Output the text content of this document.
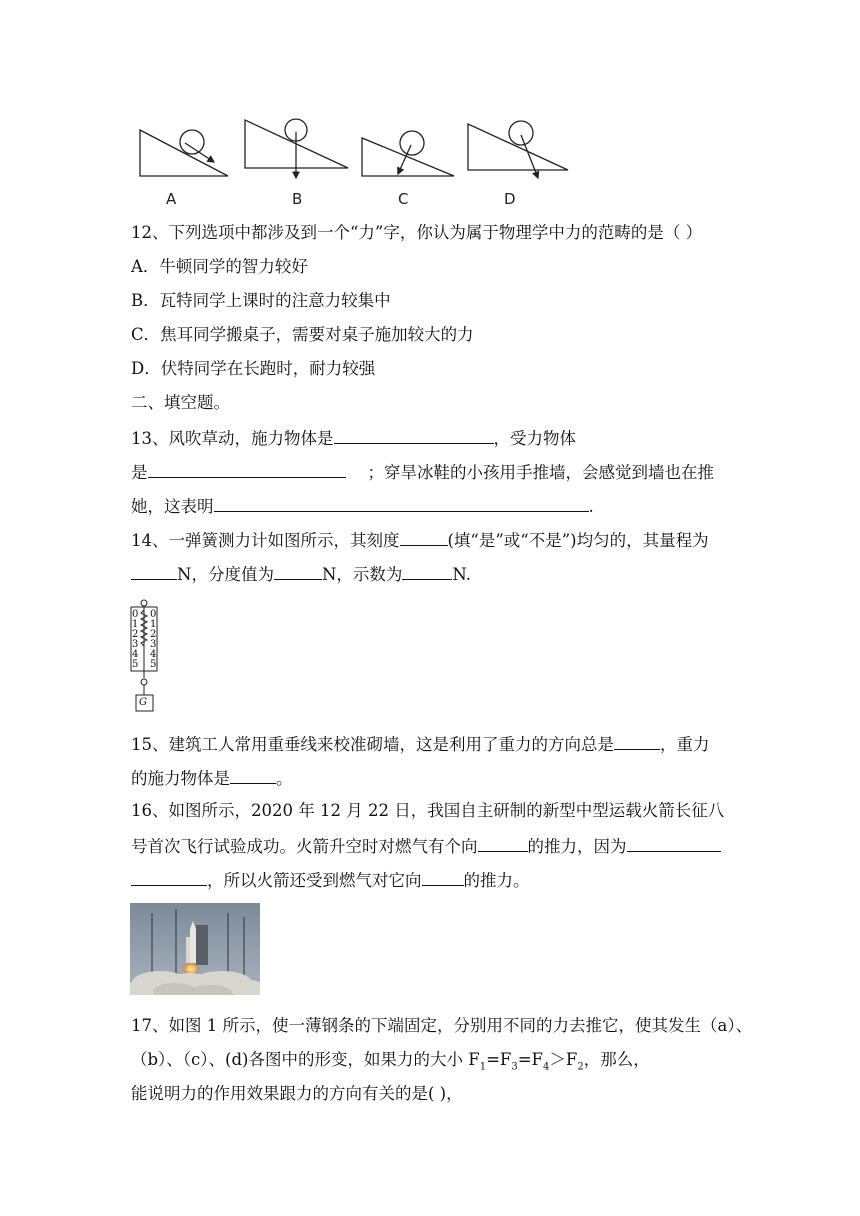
A	B	C	D
12、下列选项中都涉及到一个“力”字，你认为属于物理学中力的范畴的是（ ）
A．牛顿同学的智力较好
B．瓦特同学上课时的注意力较集中
C．焦耳同学搬桌子，需要对桌子施加较大的力
D．伏特同学在长跑时，耐力较强
二、填空题。
13、风吹草动，施力物体是	，受力物体
是	；穿旱冰鞋的小孩用手推墙，会感觉到墙也在推
她，这表明	.
14、一弹簧测力计如图所示，其刻度	(填“是”或“不是”)均匀的，其量程为
N，分度值为	N，示数为	N.
0
1
2
3
4
5
0
1
2
3
4
5
G
15、建筑工人常用重垂线来校准砌墙，这是利用了重力的方向总是	，重力
的施力物体是	。
16、如图所示，2020 年 12 月 22 日，我国自主研制的新型中型运载火箭长征八
号首次飞行试验成功。火箭升空时对燃气有个向	的推力，因为
，所以火箭还受到燃气对它向	的推力。
17、如图 1 所示，使一薄钢条的下端固定，分别用不同的力去推它，使其发生（a）、
（b）、（c）、(d)各图中的形变，如果力的大小 $F_1=F_3=F_4>F_2$，那么，
能说明力的作用效果跟力的方向有关的是( )，
